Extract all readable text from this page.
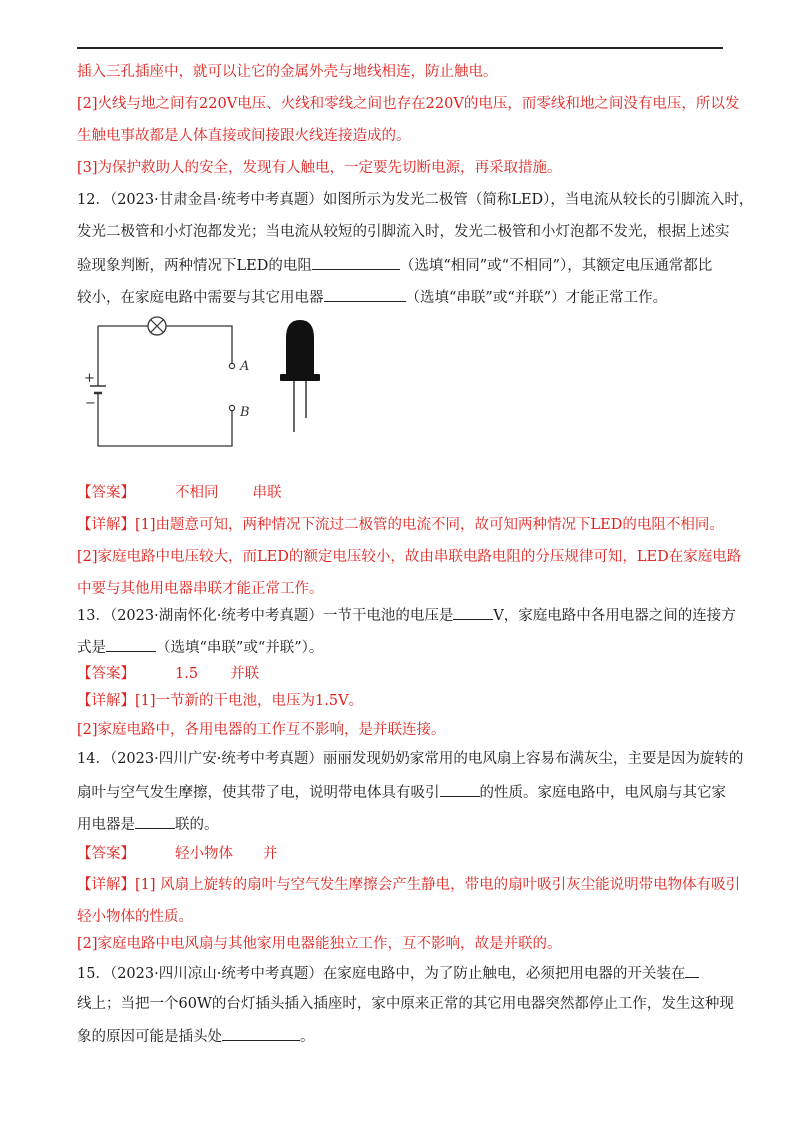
插入三孔插座中，就可以让它的金属外壳与地线相连，防止触电。
[2]火线与地之间有220V电压、火线和零线之间也存在220V的电压，而零线和地之间没有电压，所以发
生触电事故都是人体直接或间接跟火线连接造成的。
[3]为保护救助人的安全，发现有人触电，一定要先切断电源，再采取措施。
12．（2023·甘肃金昌·统考中考真题）如图所示为发光二极管（简称LED），当电流从较长的引脚流入时，
发光二极管和小灯泡都发光；当电流从较短的引脚流入时，发光二极管和小灯泡都不发光，根据上述实
验现象判断，两种情况下LED的电阻	（选填“相同”或“不相同”），其额定电压通常都比
较小，在家庭电路中需要与其它用电器	（选填“串联”或“并联”）才能正常工作。
+
−
A
B
【答案】	不相同 串联
【详解】[1]由题意可知，两种情况下流过二极管的电流不同，故可知两种情况下LED的电阻不相同。
[2]家庭电路中电压较大，而LED的额定电压较小，故由串联电路电阻的分压规律可知，LED在家庭电路
中要与其他用电器串联才能正常工作。
13．（2023·湖南怀化·统考中考真题）一节干电池的电压是	V，家庭电路中各用电器之间的连接方
式是	（选填“串联”或“并联”）。
【答案】	1.5 并联
【详解】[1]一节新的干电池，电压为1.5V。
[2]家庭电路中，各用电器的工作互不影响，是并联连接。
14．（2023·四川广安·统考中考真题）丽丽发现奶奶家常用的电风扇上容易布满灰尘，主要是因为旋转的
扇叶与空气发生摩擦，使其带了电，说明带电体具有吸引	的性质。家庭电路中，电风扇与其它家
用电器是	联的。
【答案】	轻小物体 并
【详解】[1] 风扇上旋转的扇叶与空气发生摩擦会产生静电，带电的扇叶吸引灰尘能说明带电物体有吸引
轻小物体的性质。
[2]家庭电路中电风扇与其他家用电器能独立工作，互不影响，故是并联的。
15．（2023·四川凉山·统考中考真题）在家庭电路中，为了防止触电，必须把用电器的开关装在
线上；当把一个60W的台灯插头插入插座时，家中原来正常的其它用电器突然都停止工作，发生这种现
象的原因可能是插头处	。
